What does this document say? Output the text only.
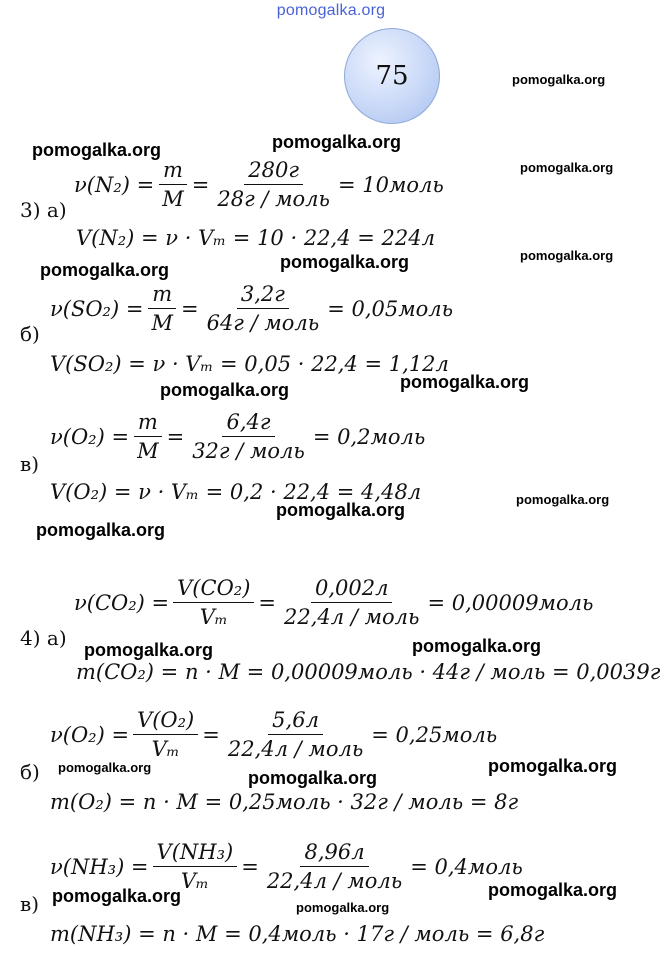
pomogalka.org
75	pomogalka.org
pomogalka.org	pomogalka.org
pomogalka.org
pomogalka.org	pomogalka.org	pomogalka.org
pomogalka.org	pomogalka.org
pomogalka.org
pomogalka.org
pomogalka.org
pomogalka.org	pomogalka.org
pomogalka.org
pomogalka.org
pomogalka.org
pomogalka.org
pomogalka.org
pomogalka.org
3) а)
$\nu(N_2) = \frac{m}{M} = \frac{280г}{\text{28г / моль}}$ = 10моль
V(N₂) = ν · Vₘ = 10 · 22,4 = 224л
б)
$\nu(SO_2) = \frac{m}{M} = \frac{3,2г}{\text{64г / моль}}$ = 0,05моль
V(SO₂) = ν · Vₘ = 0,05 · 22,4 = 1,12л
в)
$\nu(O_2) = \frac{m}{M} = \frac{6,4г}{\text{32г / моль}}$ = 0,2моль
V(O₂) = ν · Vₘ = 0,2 · 22,4 = 4,48л
4) а)
$\nu(CO_2) = \frac{\text{V(CO₂)}}{\text{Vₘ}} = \frac{0,002л}{\text{22,4л / моль}}$ = 0,00009моль
m(CO₂) = n · M = 0,00009моль · 44г / моль = 0,0039г
б)
$\nu(O_2) = \frac{\text{V(O₂)}}{\text{Vₘ}} = \frac{5,6л}{\text{22,4л / моль}}$ = 0,25моль
m(O₂) = n · M = 0,25моль · 32г / моль = 8г
в)
$\nu(NH_3) = \frac{\text{V(NH₃)}}{\text{Vₘ}} = \frac{8,96л}{\text{22,4л / моль}}$ = 0,4моль
m(NH₃) = n · M = 0,4моль · 17г / моль = 6,8г
